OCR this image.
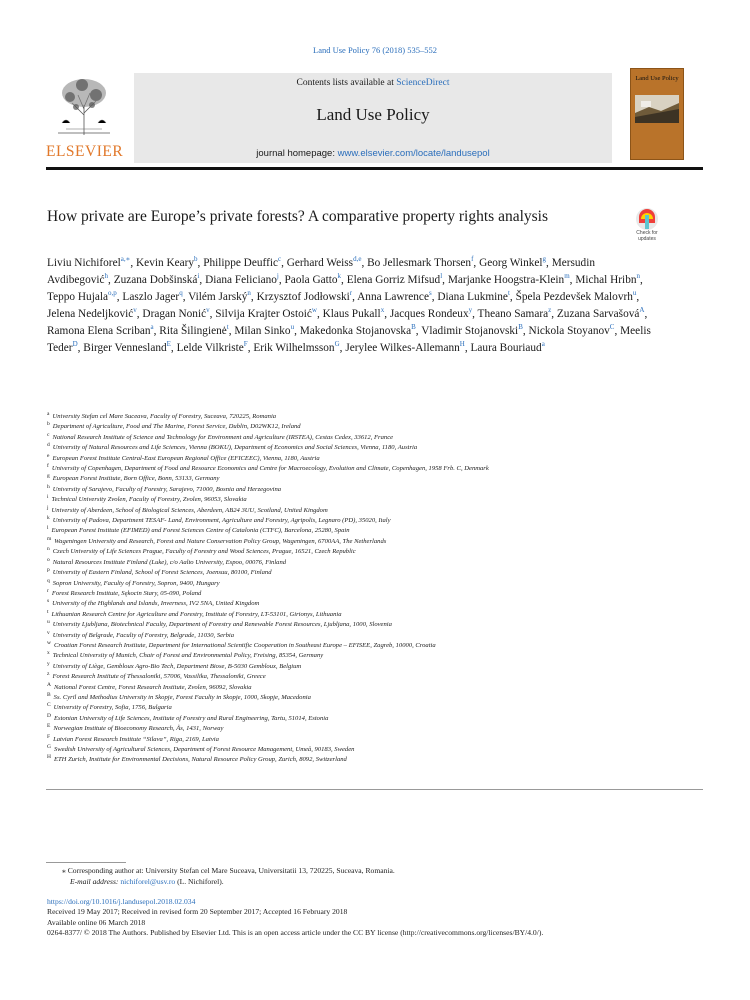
Land Use Policy 76 (2018) 535–552
ELSEVIER
Contents lists available at ScienceDirect
Land Use Policy
journal homepage: www.elsevier.com/locate/landusepol
Land Use Policy
How private are Europe’s private forests? A comparative property rights analysis
Check for
updates
Liviu Nichiforel$^{a,∗}$, Kevin Keary$^b$, Philippe Deuffic$^c$, Gerhard Weiss$^{d,e}$, Bo Jellesmark Thorsen$^f$, Georg Winkel$^g$, Mersudin Avdibegović$^h$, Zuzana Dobšinská$^i$, Diana Feliciano$^j$, Paola Gatto$^k$, Elena Gorriz Mifsud$^l$, Marjanke Hoogstra-Klein$^m$, Michal Hribn$^n$, Teppo Hujala$^{o,p}$, Laszlo Jager$^q$, Vilém Jarský$^n$, Krzysztof Jodłowski$^r$, Anna Lawrence$^s$, Diana Lukmine$^t$, Špela Pezdevšek Malovrh$^u$, Jelena Nedeljković$^v$, Dragan Nonić$^v$, Silvija Krajter Ostoić$^w$, Klaus Pukall$^x$, Jacques Rondeux$^y$, Theano Samara$^z$, Zuzana Sarvašová$^A$, Ramona Elena Scriban$^a$, Rita Šilingienė$^t$, Milan Sinko$^u$, Makedonka Stojanovska$^B$, Vladimir Stojanovski$^B$, Nickola Stoyanov$^C$, Meelis Teder$^D$, Birger Vennesland$^E$, Lelde Vilkriste$^F$, Erik Wilhelmsson$^G$, Jerylee Wilkes-Allemann$^H$, Laura Bouriaud$^a$
$^a$ University Stefan cel Mare Suceava, Faculty of Forestry, Suceava, 720225, Romania
$^b$ Department of Agriculture, Food and The Marine, Forest Service, Dublin, D02WK12, Ireland
$^c$ National Research Institute of Science and Technology for Environment and Agriculture (IRSTEA), Cestas Cedex, 33612, France
$^d$ University of Natural Resources and Life Sciences, Vienna (BOKU), Department of Economics and Social Sciences, Vienna, 1180, Austria
$^e$ European Forest Institute Central-East European Regional Office (EFICEEC), Vienna, 1180, Austria
$^f$ University of Copenhagen, Department of Food and Resource Economics and Centre for Macroecology, Evolution and Climate, Copenhagen, 1958 Frb. C, Denmark
$^g$ European Forest Institute, Born Office, Bonn, 53133, Germany
$^h$ University of Sarajevo, Faculty of Forestry, Sarajevo, 71000, Bosnia and Herzegovina
$^i$ Technical University Zvolen, Faculty of Forestry, Zvolen, 96053, Slovakia
$^j$ University of Aberdeen, School of Biological Sciences, Aberdeen, AB24 3UU, Scotland, United Kingdom
$^k$ University of Padova, Department TESAF- Land, Environment, Agriculture and Forestry, Agripolis, Legnaro (PD), 35020, Italy
$^l$ European Forest Institute (EFIMED) and Forest Sciences Centre of Catalonia (CTFC), Barcelona, 25280, Spain
$^m$ Wageningen University and Research, Forest and Nature Conservation Policy Group, Wageningen, 6700AA, The Netherlands
$^n$ Czech University of Life Sciences Prague, Faculty of Forestry and Wood Sciences, Prague, 16521, Czech Republic
$^o$ Natural Resources Institute Finland (Luke), c/o Aalto University, Espoo, 00076, Finland
$^p$ University of Eastern Finland, School of Forest Sciences, Joensuu, 80100, Finland
$^q$ Sopron University, Faculty of Forestry, Sopron, 9400, Hungary
$^r$ Forest Research Institute, Sękocin Stary, 05-090, Poland
$^s$ University of the Highlands and Islands, Inverness, IV2 5NA, United Kingdom
$^t$ Lithuanian Research Centre for Agriculture and Forestry, Institute of Forestry, LT-53101, Girionys, Lithuania
$^u$ University Ljubljana, Biotechnical Faculty, Department of Forestry and Renewable Forest Resources, Ljubljana, 1000, Slovenia
$^v$ University of Belgrade, Faculty of Forestry, Belgrade, 11030, Serbia
$^w$ Croatian Forest Research Institute, Department for International Scientific Cooperation in Southeast Europe – EFISEE, Zagreb, 10000, Croatia
$^x$ Technical University of Munich, Chair of Forest and Environmental Policy, Freising, 85354, Germany
$^y$ University of Liège, Gembloux Agro-Bio Tech, Department Biose, B-5030 Gembloux, Belgium
$^z$ Forest Research Institute of Thessaloniki, 57006, Vassilika, Thessaloniki, Greece
$^A$ National Forest Centre, Forest Research Institute, Zvolen, 96092, Slovakia
$^B$ Ss. Cyril and Methodius University in Skopje, Forest Faculty in Skopje, 1000, Skopje, Macedonia
$^C$ University of Forestry, Sofia, 1756, Bulgaria
$^D$ Estonian University of Life Sciences, Institute of Forestry and Rural Engineering, Tartu, 51014, Estonia
$^E$ Norwegian Institute of Bioeconomy Research, Ås, 1431, Norway
$^F$ Latvian Forest Research Institute “Silava”, Riga, 2169, Latvia
$^G$ Swedish University of Agricultural Sciences, Department of Forest Resource Management, Umeå, 90183, Sweden
$^H$ ETH Zurich, Institute for Environmental Decisions, Natural Resource Policy Group, Zurich, 8092, Switzerland
⁎ Corresponding author at: University Stefan cel Mare Suceava, Universitatii 13, 720225, Suceava, Romania.
E-mail address: nichiforel@usv.ro (L. Nichiforel).
https://doi.org/10.1016/j.landusepol.2018.02.034
Received 19 May 2017; Received in revised form 20 September 2017; Accepted 16 February 2018
Available online 06 March 2018
0264-8377/ © 2018 The Authors. Published by Elsevier Ltd. This is an open access article under the CC BY license (http://creativecommons.org/licenses/BY/4.0/).
